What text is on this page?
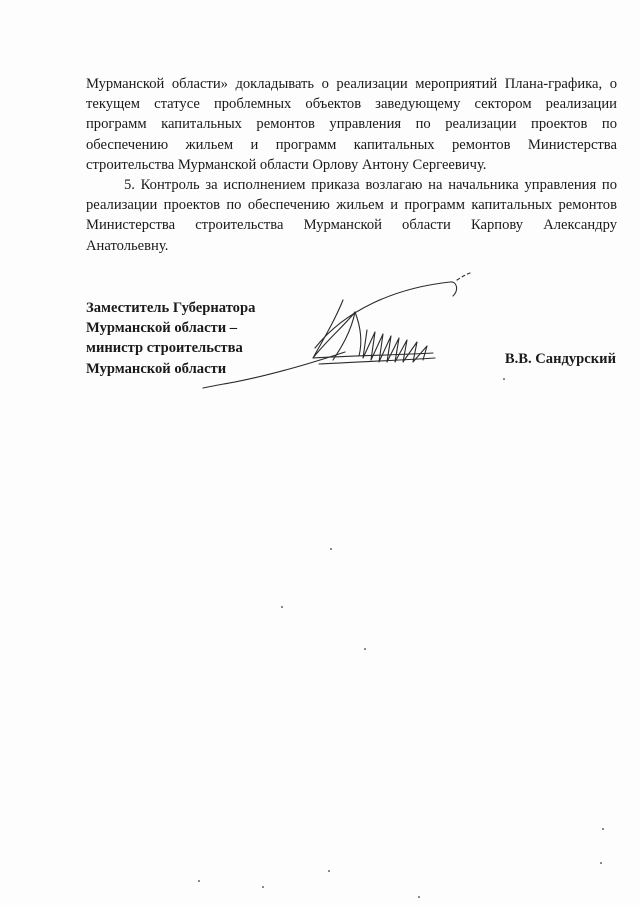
Мурманской области» докладывать о реализации мероприятий Плана-графика, о текущем статусе проблемных объектов заведующему сектором реализации программ капитальных ремонтов управления по реализации проектов по обеспечению жильем и программ капитальных ремонтов Министерства строительства Мурманской области Орлову Антону Сергеевичу.

5. Контроль за исполнением приказа возлагаю на начальника управления по реализации проектов по обеспечению жильем и программ капитальных ремонтов Министерства строительства Мурманской области Карпову Александру Анатольевну.

Заместитель Губернатора
Мурманской области –
министр строительства
Мурманской области
В.В. Сандурский
